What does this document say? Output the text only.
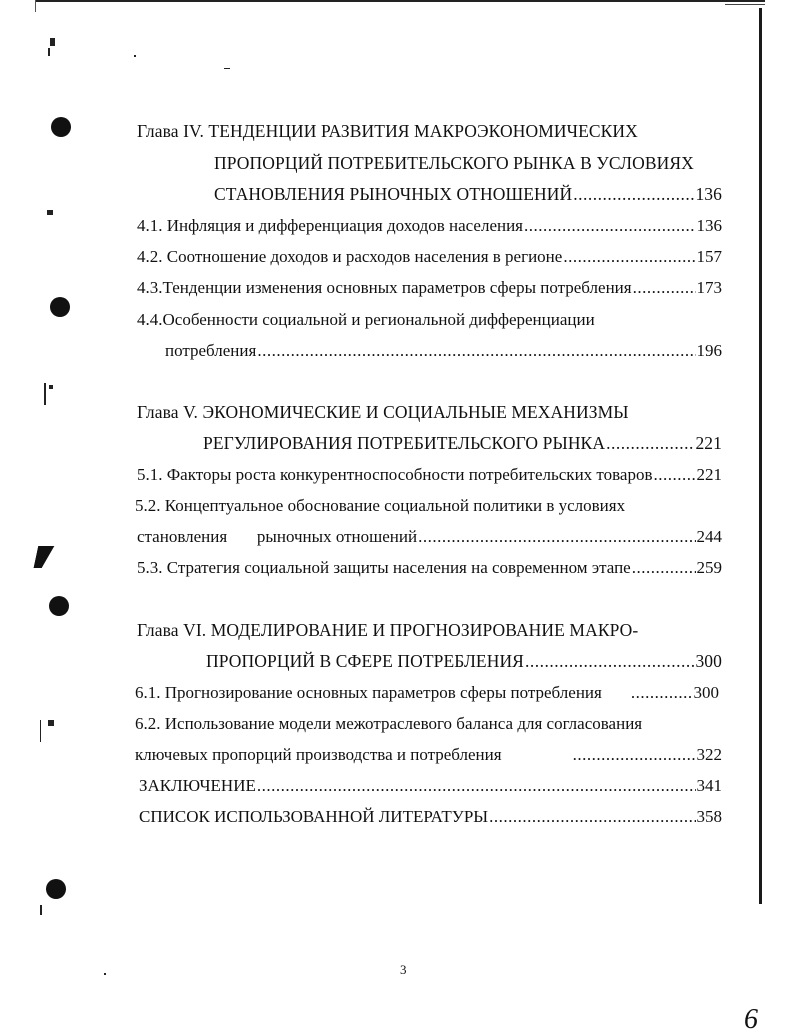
Глава IV. ТЕНДЕНЦИИ РАЗВИТИЯ МАКРОЭКОНОМИЧЕСКИХ
ПРОПОРЦИЙ ПОТРЕБИТЕЛЬСКОГО РЫНКА В УСЛОВИЯХ
СТАНОВЛЕНИЯ РЫНОЧНЫХ ОТНОШЕНИЙ .....	136
4.1. Инфляция и дифференциация доходов населения .....	136
4.2. Соотношение доходов и расходов населения в регионе .....	157
4.3.Тенденции изменения основных параметров сферы потребления .....	173
4.4.Особенности социальной и региональной дифференциации
потребления .....	196
Глава V. ЭКОНОМИЧЕСКИЕ И СОЦИАЛЬНЫЕ МЕХАНИЗМЫ
РЕГУЛИРОВАНИЯ ПОТРЕБИТЕЛЬСКОГО РЫНКА .....	221
5.1. Факторы роста конкурентноспособности потребительских товаров .....	221
5.2. Концептуальное обоснование социальной политики в условиях
становления       рыночных отношений .....	244
5.3. Стратегия социальной защиты населения на современном этапе .....	259
Глава VI. МОДЕЛИРОВАНИЕ И ПРОГНОЗИРОВАНИЕ МАКРО-
ПРОПОРЦИЙ В СФЕРЕ ПОТРЕБЛЕНИЯ .....	300
6.1. Прогнозирование основных параметров сферы потребления .....	300
6.2. Использование модели межотраслевого баланса для согласования
ключевых пропорций производства и потребления .....	322
ЗАКЛЮЧЕНИЕ .....	341
СПИСОК ИСПОЛЬЗОВАННОЙ ЛИТЕРАТУРЫ .....	358
3
6
